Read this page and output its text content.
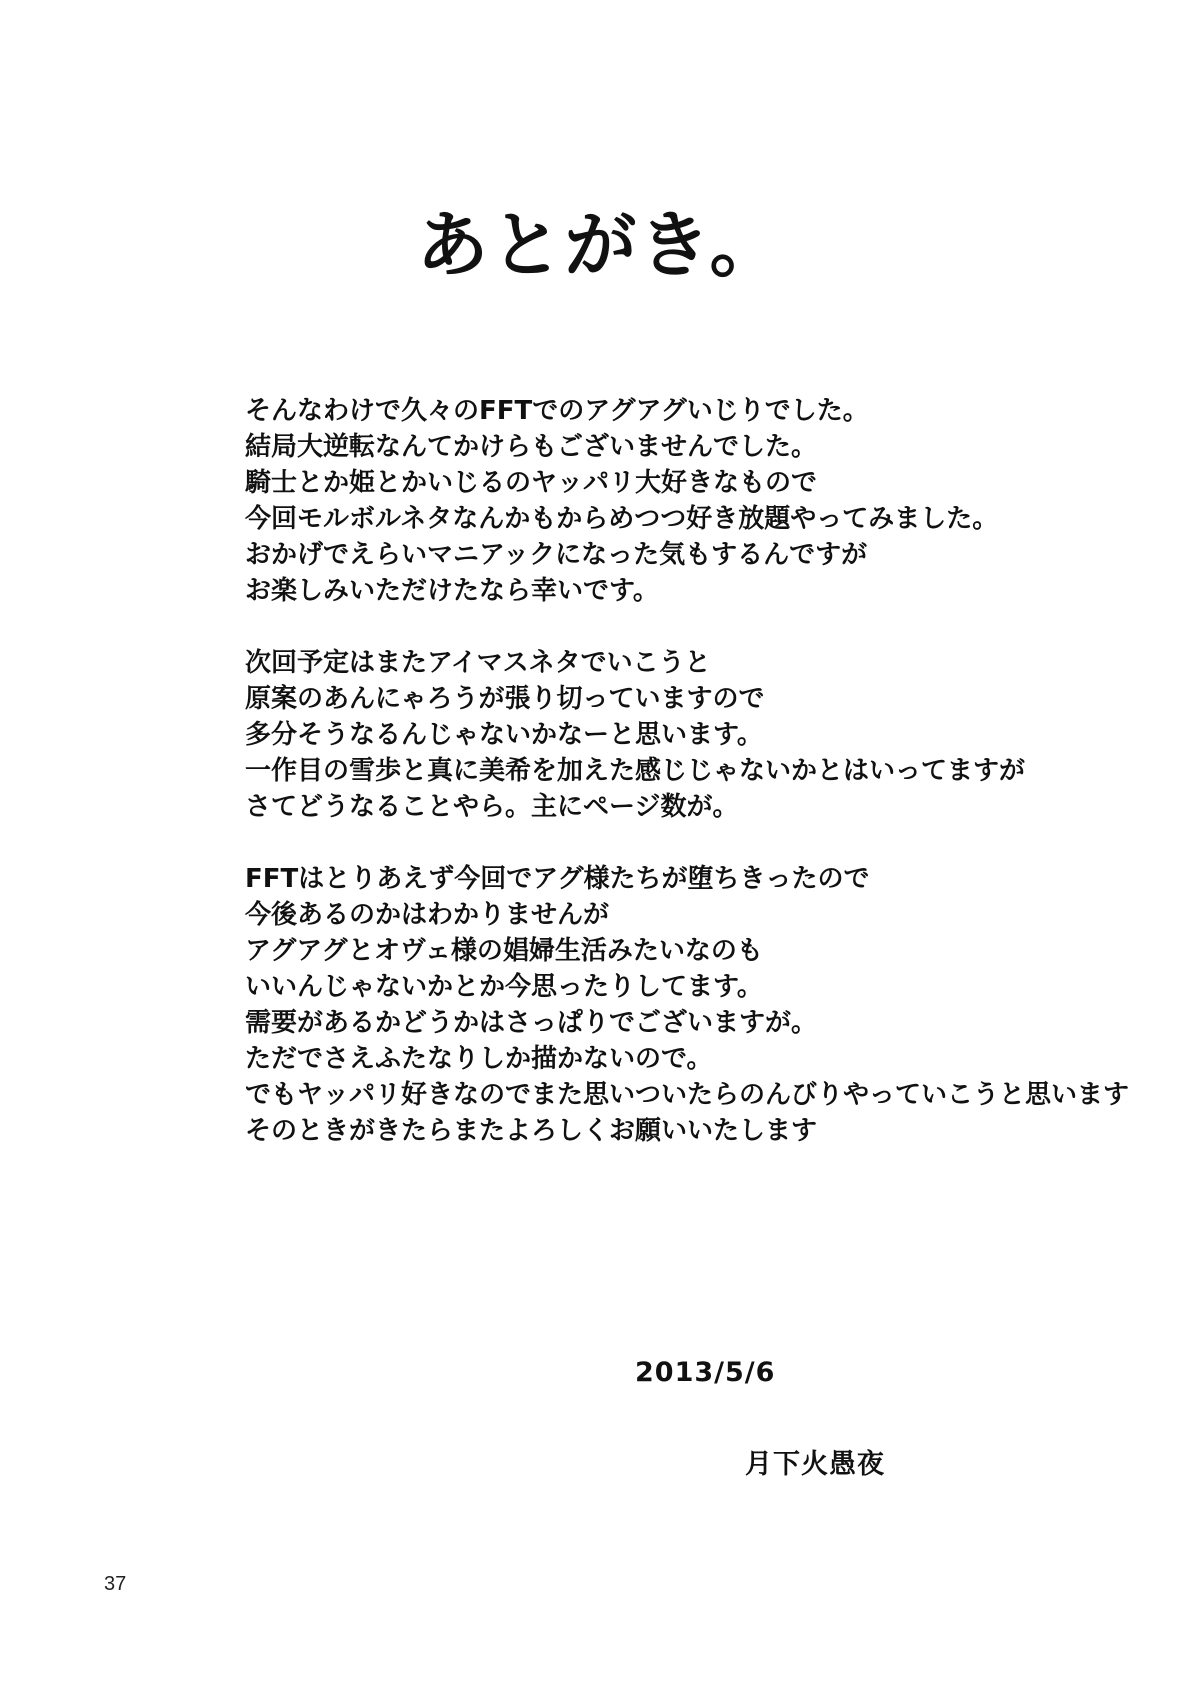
あとがき。
そんなわけで久々のFFTでのアグアグいじりでした。
結局大逆転なんてかけらもございませんでした。
騎士とか姫とかいじるのヤッパリ大好きなもので
今回モルボルネタなんかもからめつつ好き放題やってみました。
おかげでえらいマニアックになった気もするんですが
お楽しみいただけたなら幸いです。
次回予定はまたアイマスネタでいこうと
原案のあんにゃろうが張り切っていますので
多分そうなるんじゃないかなーと思います。
一作目の雪歩と真に美希を加えた感じじゃないかとはいってますが
さてどうなることやら。主にページ数が。
FFTはとりあえず今回でアグ様たちが堕ちきったので
今後あるのかはわかりませんが
アグアグとオヴェ様の娼婦生活みたいなのも
いいんじゃないかとか今思ったりしてます。
需要があるかどうかはさっぱりでございますが。
ただでさえふたなりしか描かないので。
でもヤッパリ好きなのでまた思いついたらのんびりやっていこうと思います
そのときがきたらまたよろしくお願いいたします
2013/5/6
月下火愚夜
37
